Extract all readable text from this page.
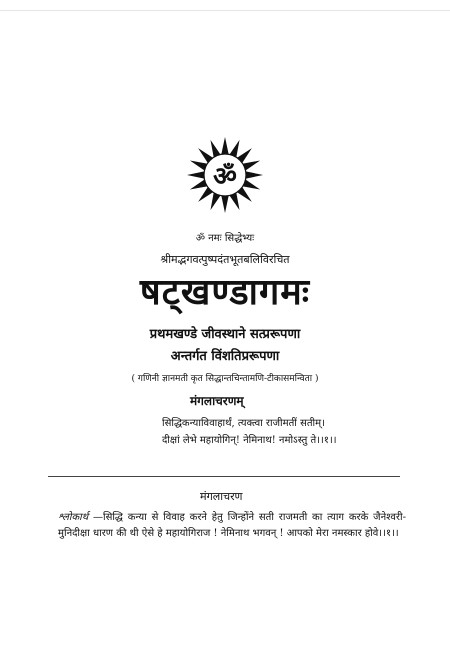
ॐ
ॐ नमः सिद्धेभ्यः
श्रीमद्भगवत्पुष्पदंतभूतबलिविरचित
षट्खण्डागमः
प्रथमखण्डे जीवस्थाने सत्प्ररूपणा
अन्तर्गत विंशतिप्ररूपणा
( गणिनी ज्ञानमती कृत सिद्धान्तचिन्तामणि-टीकासमन्विता )
मंगलाचरणम्
सिद्धिकन्याविवाहार्थं, त्यक्त्वा राजीमतीं सतीम्।
दीक्षां लेभे महायोगिन्! नेमिनाथ! नमोऽस्तु ते।।१।।
मंगलाचरण
श्लोकार्थ —सिद्धि कन्या से विवाह करने हेतु जिन्होंने सती राजमती का त्याग करके जैनेश्वरी-मुनिदीक्षा धारण की थी ऐसे हे महायोगिराज ! नेमिनाथ भगवन् ! आपको मेरा नमस्कार होवे।।१।।
